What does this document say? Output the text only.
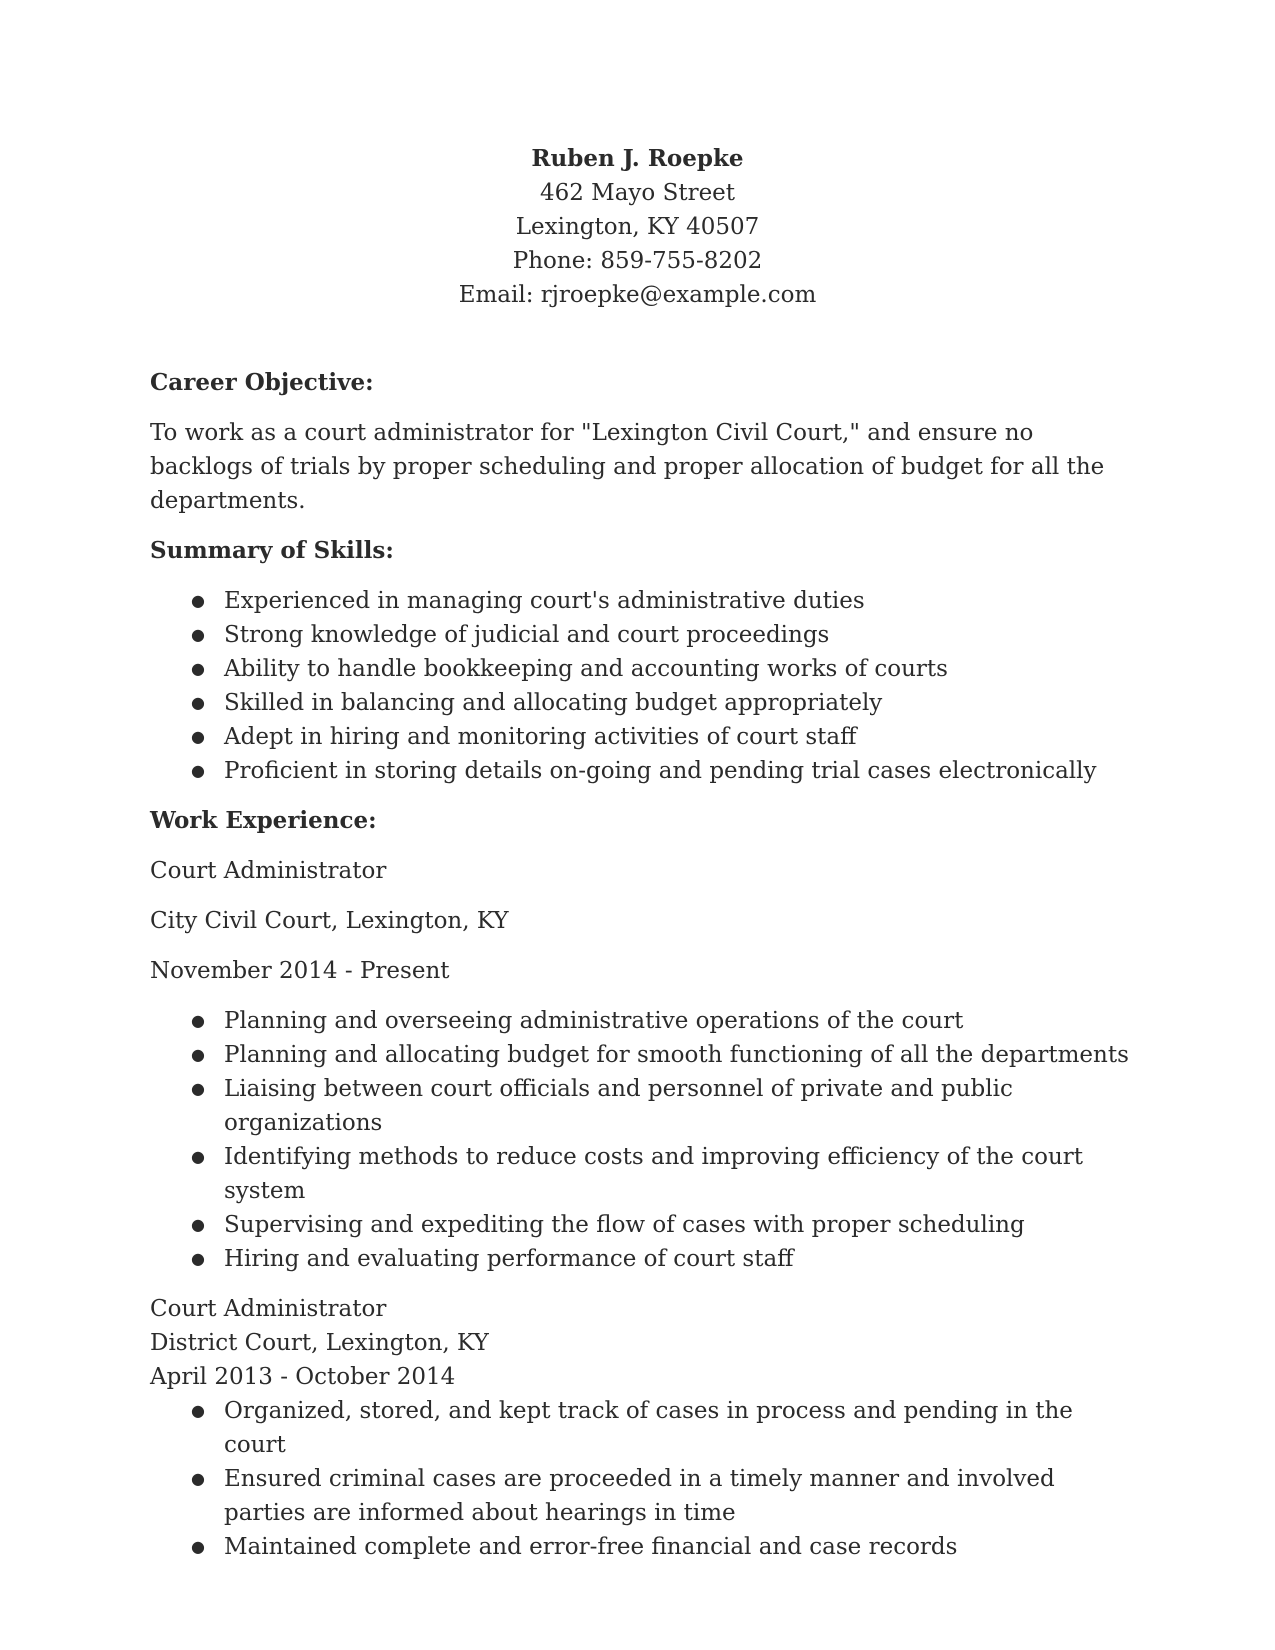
Ruben J. Roepke
462 Mayo Street
Lexington, KY 40507
Phone: 859-755-8202
Email: rjroepke@example.com
Career Objective:

To work as a court administrator for "Lexington Civil Court," and ensure no backlogs of trials by proper scheduling and proper allocation of budget for all the departments.

Summary of Skills:
● Experienced in managing court's administrative duties
● Strong knowledge of judicial and court proceedings
● Ability to handle bookkeeping and accounting works of courts
● Skilled in balancing and allocating budget appropriately
● Adept in hiring and monitoring activities of court staff
● Proficient in storing details on-going and pending trial cases electronically
Work Experience:

Court Administrator

City Civil Court, Lexington, KY

November 2014 - Present

● Planning and overseeing administrative operations of the court
● Planning and allocating budget for smooth functioning of all the departments
● Liaising between court officials and personnel of private and public organizations
● Identifying methods to reduce costs and improving efficiency of the court system
● Supervising and expediting the flow of cases with proper scheduling
● Hiring and evaluating performance of court staff
Court Administrator
District Court, Lexington, KY
April 2013 - October 2014
● Organized, stored, and kept track of cases in process and pending in the court
● Ensured criminal cases are proceeded in a timely manner and involved parties are informed about hearings in time
● Maintained complete and error-free financial and case records
